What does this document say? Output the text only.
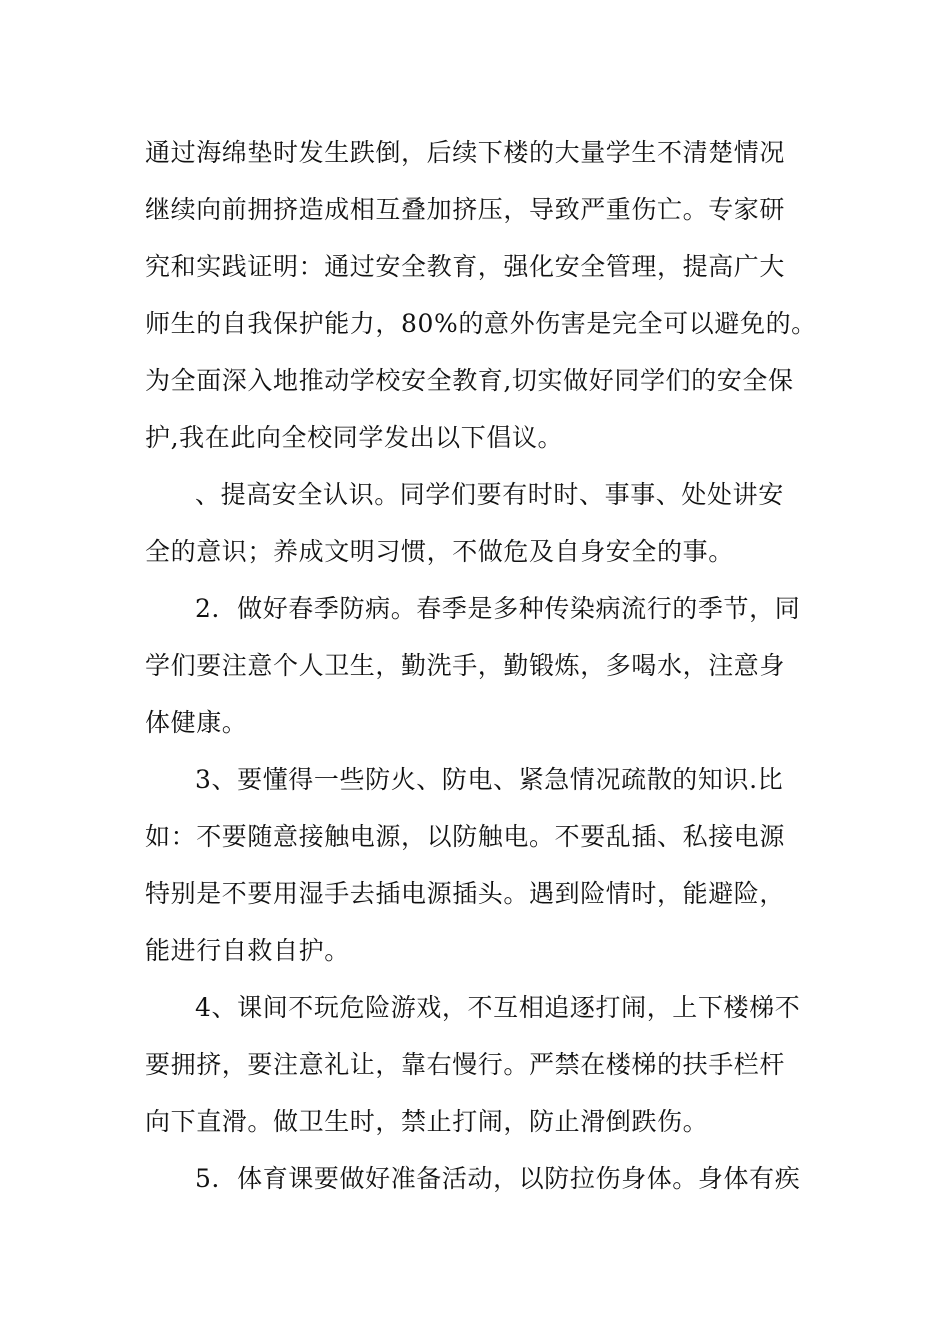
通过海绵垫时发生跌倒，后续下楼的大量学生不清楚情况
继续向前拥挤造成相互叠加挤压，导致严重伤亡。专家研
究和实践证明：通过安全教育，强化安全管理，提高广大
师生的自我保护能力，80%的意外伤害是完全可以避免的。
为全面深入地推动学校安全教育,切实做好同学们的安全保
护,我在此向全校同学发出以下倡议。
、提高安全认识。同学们要有时时、事事、处处讲安
全的意识；养成文明习惯，不做危及自身安全的事。
2．做好春季防病。春季是多种传染病流行的季节，同
学们要注意个人卫生，勤洗手，勤锻炼，多喝水，注意身
体健康。
3、要懂得一些防火、防电、紧急情况疏散的知识.比
如：不要随意接触电源，以防触电。不要乱插、私接电源
特别是不要用湿手去插电源插头。遇到险情时，能避险，
能进行自救自护。
4、课间不玩危险游戏，不互相追逐打闹，上下楼梯不
要拥挤，要注意礼让，靠右慢行。严禁在楼梯的扶手栏杆
向下直滑。做卫生时，禁止打闹，防止滑倒跌伤。
5．体育课要做好准备活动，以防拉伤身体。身体有疾
